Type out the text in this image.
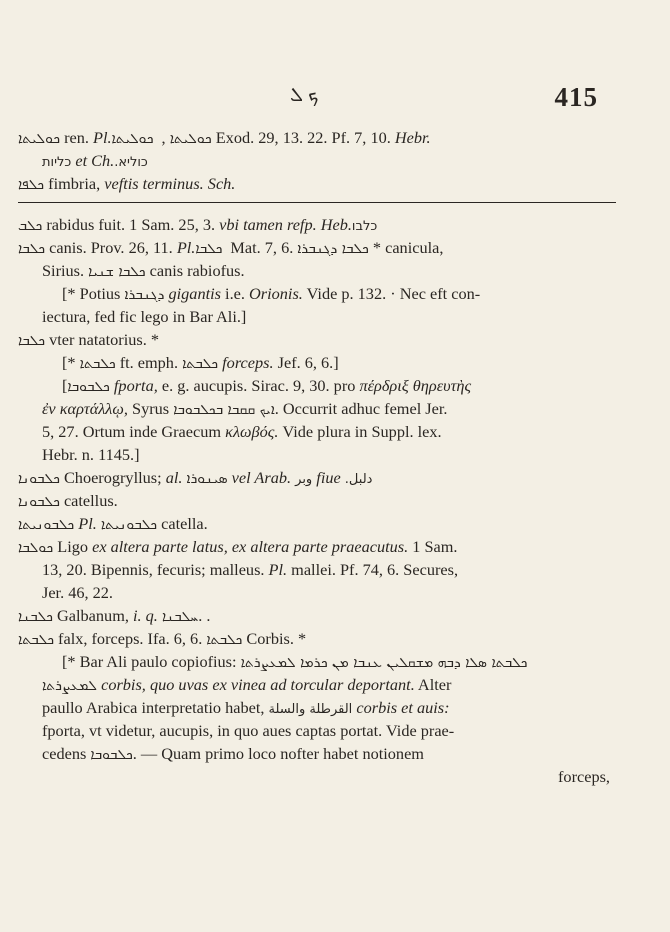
ܟ ܠ	415
ܟܘܠܝܬܐ ren. Pl. ܟܘܠܝܬܐ , ܟܘܠܝܬܐ Exod. 29, 13. 22. Pf. 7, 10. Hebr.
כליות et Ch. כוליא.
ܟܠܦܐ fimbria, veftis terminus. Sch.
ܟܠܒ rabidus fuit. 1 Sam. 25, 3. vbi tamen refp. Heb. כלבו
ܟܠܒܐ canis. Prov. 26, 11. Pl. ܟܠܒܐ Mat. 7, 6. ܟܠܒܐ ܕܓܢܒܪܐ * canicula,
Sirius. ܟܠܒܐ ܫܢܝܐ canis rabiofus.
[* Potius ܕܓܢܒܪܐ gigantis i.e. Orionis. Vide p. 132. · Nec eft con-
iectura, fed fic lego in Bar Ali.]
ܟܠܒܐ vter natatorius. *
[* ܟܠܒܬܐ ft. emph. ܟܠܒܬܐ forceps. Jef. 6, 6.]
[ܟܠܒܘܒܐ fporta, e. g. aucupis. Sirac. 9, 30. pro πέρδριξ θηρευτὴς
ἐν καρτάλλῳ, Syrus ܐܝܟ ܩܩܒܐ ܒܟܠܒܘܒܐ. Occurrit adhuc femel Jer.
5, 27. Ortum inde Graecum κλωβός. Vide plura in Suppl. lex.
Hebr. n. 1145.]
ܟܠܒܘܢܐ Choerogryllus; al. ܣܝܢܘܪܐ vel Arab. وبر fiue دلبل.
ܟܠܒܘܢܐ catellus.
ܟܠܒܘܢܝܬܐ Pl. ܟܠܒܘܢܝܬܐ catella.
ܟܘܠܒܐ Ligo ex altera parte latus, ex altera parte praeacutus. 1 Sam.
13, 20. Bipennis, fecuris; malleus. Pl. mallei. Pf. 74, 6. Secures,
Jer. 46, 22.
ܟܠܒܢܐ Galbanum, i. q. ܚܠܒܢܐ. .
ܟܠܒܬܐ falx, forceps. Ifa. 6, 6. ܟܠܒܬܐ Corbis. *
[* Bar Ali paulo copiofius: ܟܠܒܬܐ ܣܠܐ ܕܒܗ ܡܫܩܠܝܢ ܥܢܒܐ ܡܢ ܟܪܡܐ ܠܡܥܨܪܬܐ
ܠܡܥܨܪܬܐ corbis, quo uvas ex vinea ad torcular deportant. Alter
paullo Arabica interpretatio habet, القرطلة والسلة corbis et auis:
fporta, vt videtur, aucupis, in quo aues captas portat. Vide prae-
cedens ܟܠܒܘܒܐ. — Quam primo loco nofter habet notionem
forceps,
